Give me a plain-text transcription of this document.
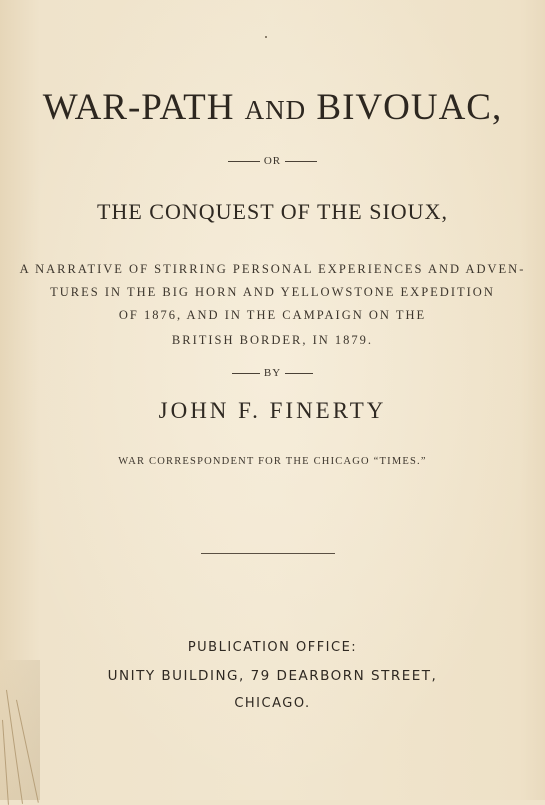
WAR-PATH AND BIVOUAC,
OR
THE CONQUEST OF THE SIOUX,
A NARRATIVE OF STIRRING PERSONAL EXPERIENCES AND ADVEN-
TURES IN THE BIG HORN AND YELLOWSTONE EXPEDITION
OF 1876, AND IN THE CAMPAIGN ON THE
BRITISH BORDER, IN 1879.
BY
JOHN F. FINERTY
WAR CORRESPONDENT FOR THE CHICAGO “TIMES.”
PUBLICATION OFFICE:
UNITY BUILDING, 79 DEARBORN STREET,
CHICAGO.
